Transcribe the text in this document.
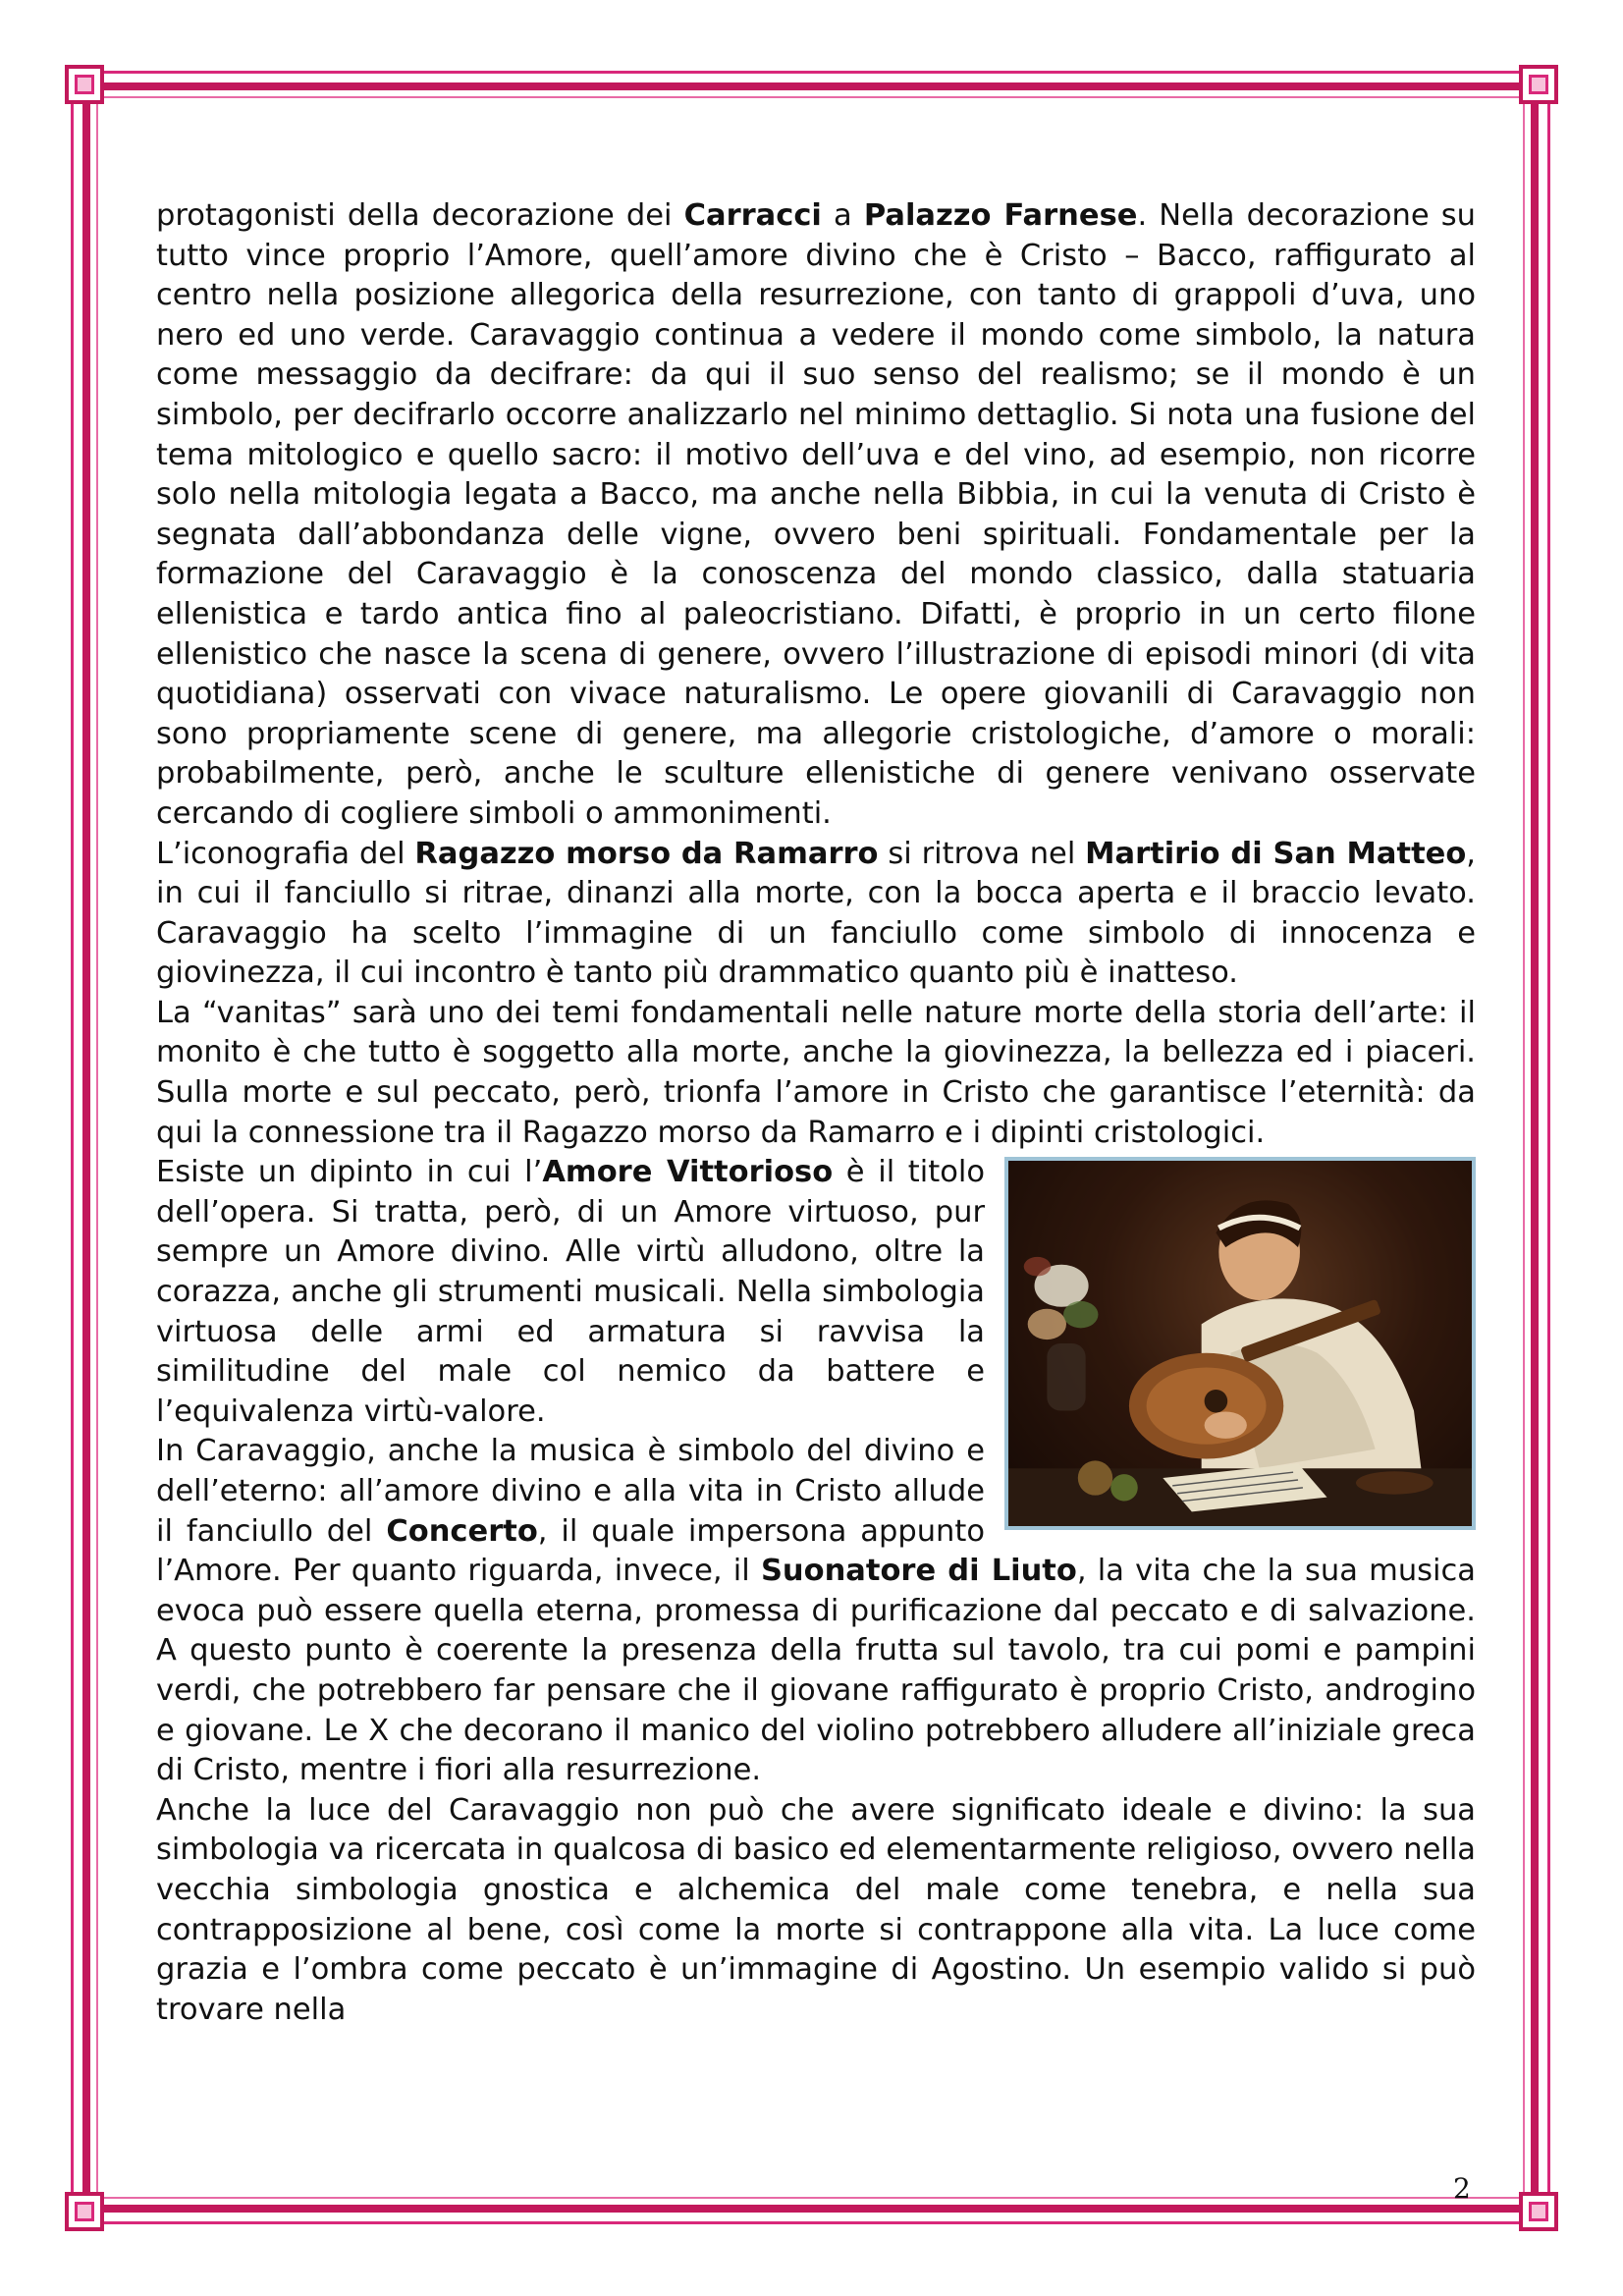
protagonisti della decorazione dei Carracci a Palazzo Farnese. Nella decorazione su tutto vince proprio l’Amore, quell’amore divino che è Cristo – Bacco, raffigurato al centro nella posizione allegorica della resurrezione, con tanto di grappoli d’uva, uno nero ed uno verde. Caravaggio continua a vedere il mondo come simbolo, la natura come messaggio da decifrare: da qui il suo senso del realismo; se il mondo è un simbolo, per decifrarlo occorre analizzarlo nel minimo dettaglio. Si nota una fusione del tema mitologico e quello sacro: il motivo dell’uva e del vino, ad esempio, non ricorre solo nella mitologia legata a Bacco, ma anche nella Bibbia, in cui la venuta di Cristo è segnata dall’abbondanza delle vigne, ovvero beni spirituali. Fondamentale per la formazione del Caravaggio è la conoscenza del mondo classico, dalla statuaria ellenistica e tardo antica fino al paleocristiano. Difatti, è proprio in un certo filone ellenistico che nasce la scena di genere, ovvero l’illustrazione di episodi minori (di vita quotidiana) osservati con vivace naturalismo. Le opere giovanili di Caravaggio non sono propriamente scene di genere, ma allegorie cristologiche, d’amore o morali: probabilmente, però, anche le sculture ellenistiche di genere venivano osservate cercando di cogliere simboli o ammonimenti.

L’iconografia del Ragazzo morso da Ramarro si ritrova nel Martirio di San Matteo, in cui il fanciullo si ritrae, dinanzi alla morte, con la bocca aperta e il braccio levato. Caravaggio ha scelto l’immagine di un fanciullo come simbolo di innocenza e giovinezza, il cui incontro è tanto più drammatico quanto più è inatteso.

La “vanitas” sarà uno dei temi fondamentali nelle nature morte della storia dell’arte: il monito è che tutto è soggetto alla morte, anche la giovinezza, la bellezza ed i piaceri. Sulla morte e sul peccato, però, trionfa l’amore in Cristo che garantisce l’eternità: da qui la connessione tra il Ragazzo morso da Ramarro e i dipinti cristologici.

Esiste un dipinto in cui l’Amore Vittorioso è il titolo dell’opera. Si tratta, però, di un Amore virtuoso, pur sempre un Amore divino. Alle virtù alludono, oltre la corazza, anche gli strumenti musicali. Nella simbologia virtuosa delle armi ed armatura si ravvisa la similitudine del male col nemico da battere e l’equivalenza virtù-valore.

In Caravaggio, anche la musica è simbolo del divino e dell’eterno: all’amore divino e alla vita in Cristo allude il fanciullo del Concerto, il quale impersona appunto l’Amore. Per quanto riguarda, invece, il Suonatore di Liuto, la vita che la sua musica evoca può essere quella eterna, promessa di purificazione dal peccato e di salvazione. A questo punto è coerente la presenza della frutta sul tavolo, tra cui pomi e pampini verdi, che potrebbero far pensare che il giovane raffigurato è proprio Cristo, androgino e giovane. Le X che decorano il manico del violino potrebbero alludere all’iniziale greca di Cristo, mentre i fiori alla resurrezione.

Anche la luce del Caravaggio non può che avere significato ideale e divino: la sua simbologia va ricercata in qualcosa di basico ed elementarmente religioso, ovvero nella vecchia simbologia gnostica e alchemica del male come tenebra, e nella sua contrapposizione al bene, così come la morte si contrappone alla vita. La luce come grazia e l’ombra come peccato è un’immagine di Agostino. Un esempio valido si può trovare nella

2
